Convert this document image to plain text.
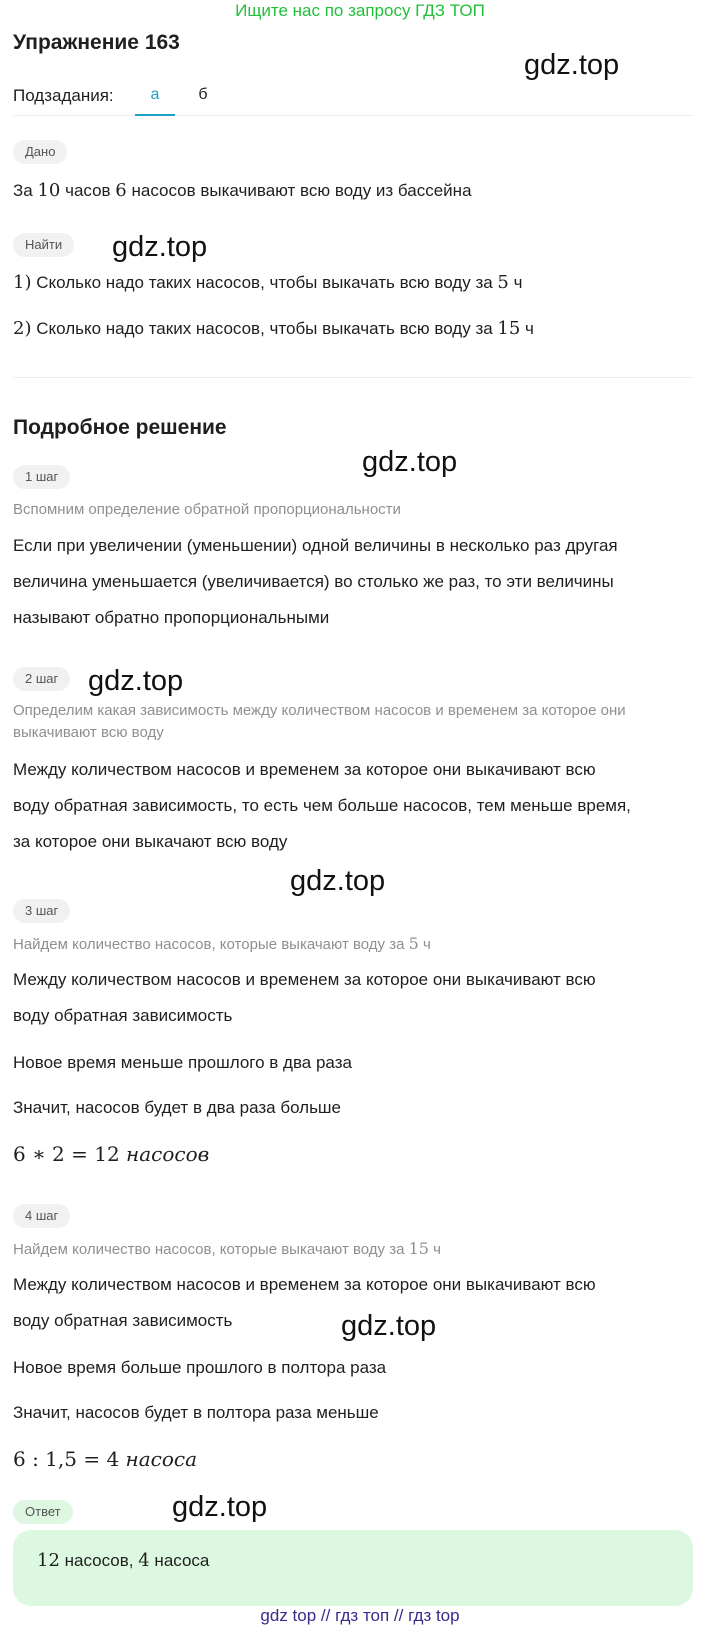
Ищите нас по запросу ГДЗ ТОП
Упражнение 163
gdz.top
gdz.top
gdz.top
gdz.top
gdz.top
gdz.top
gdz.top
Подзадания:	а	б
Дано
За 10 часов 6 насосов выкачивают всю воду из бассейна
Найти
1) Сколько надо таких насосов, чтобы выкачать всю воду за 5 ч
2) Сколько надо таких насосов, чтобы выкачать всю воду за 15 ч
Подробное решение
1 шаг
Вспомним определение обратной пропорциональности
Если при увеличении (уменьшении) одной величины в несколько раз другая
величина уменьшается (увеличивается) во столько же раз, то эти величины
называют обратно пропорциональными
2 шаг
Определим какая зависимость между количеством насосов и временем за которое они
выкачивают всю воду
Между количеством насосов и временем за которое они выкачивают всю
воду обратная зависимость, то есть чем больше насосов, тем меньше время,
за которое они выкачают всю воду
3 шаг
Найдем количество насосов, которые выкачают воду за 5 ч
Между количеством насосов и временем за которое они выкачивают всю
воду обратная зависимость
Новое время меньше прошлого в два раза
Значит, насосов будет в два раза больше
6 ∗ 2 = 12 насосов
4 шаг
Найдем количество насосов, которые выкачают воду за 15 ч
Между количеством насосов и временем за которое они выкачивают всю
воду обратная зависимость
Новое время больше прошлого в полтора раза
Значит, насосов будет в полтора раза меньше
6 : 1,5 = 4 насоса
Ответ
12 насосов, 4 насоса
gdz top // гдз топ // гдз top
